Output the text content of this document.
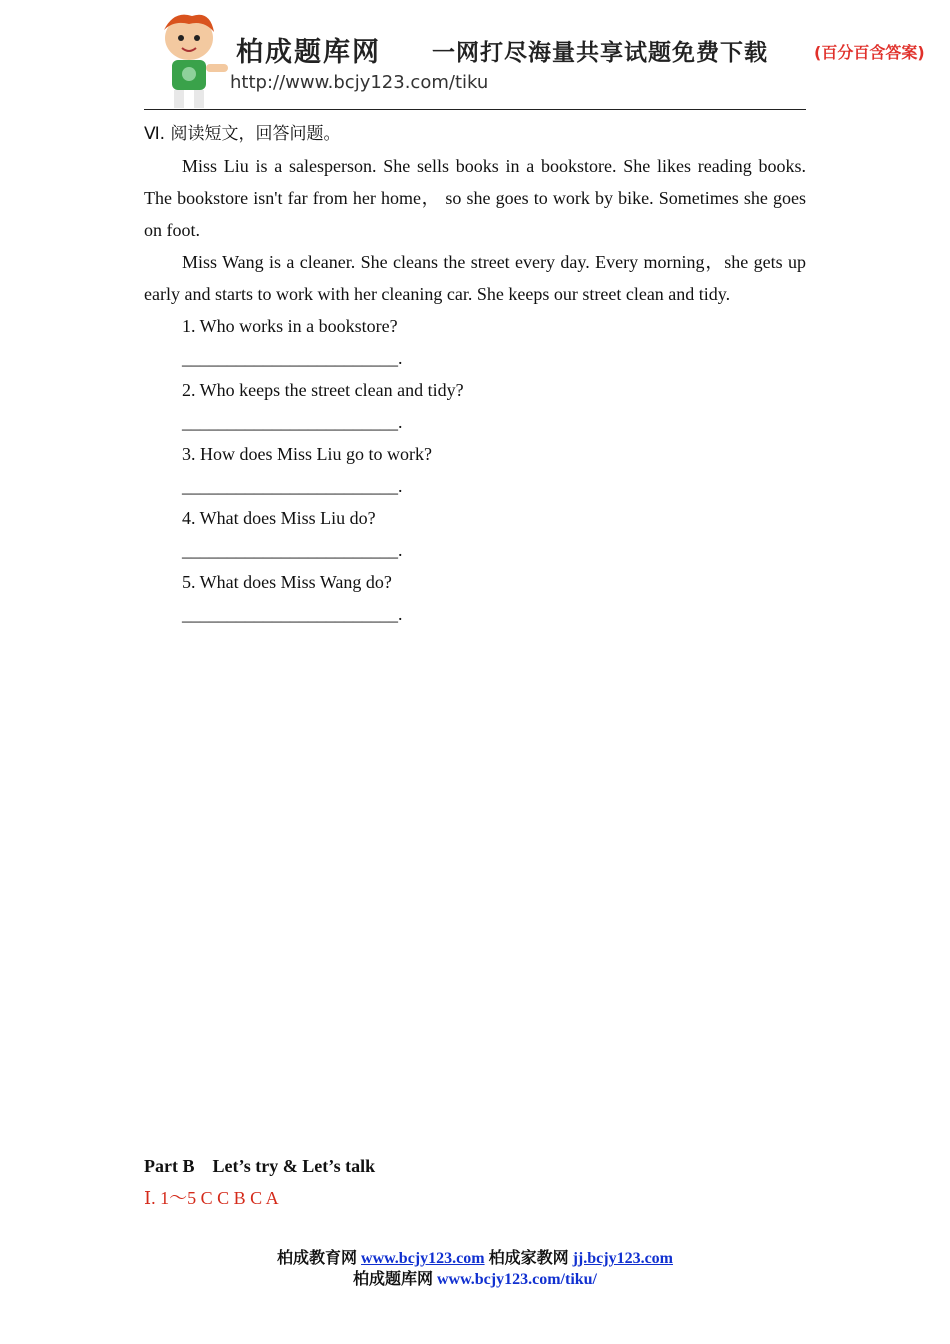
柏成题库网 一网打尽海量共享试题免费下载	(百分百含答案)
http://www.bcjy123.com/tiku
Ⅵ. 阅读短文，回答问题。

Miss Liu is a salesperson. She sells books in a bookstore. She likes reading books. The bookstore isn't far from her home， so she goes to work by bike. Sometimes she goes on foot.

Miss Wang is a cleaner. She cleans the street every day. Every morning，she gets up early and starts to work with her cleaning car. She keeps our street clean and tidy.

1. Who works in a bookstore?

________________________.

2. Who keeps the street clean and tidy?

________________________.

3. How does Miss Liu go to work?

________________________.

4. What does Miss Liu do?

________________________.

5. What does Miss Wang do?

________________________.

Part B　Let’s try & Let’s talk
Ⅰ. 1～5 C C B C A
柏成教育网 www.bcjy123.com 柏成家教网 jj.bcjy123.com
柏成题库网 www.bcjy123.com/tiku/
